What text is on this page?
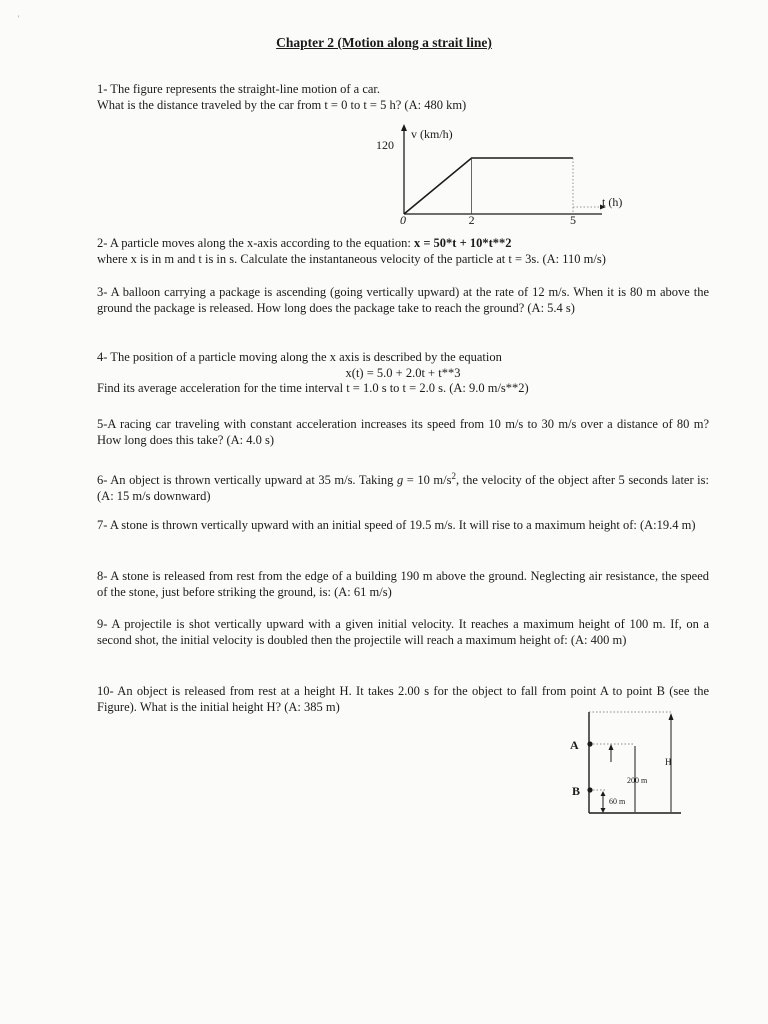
'
Chapter 2 (Motion along a strait line)

1- The figure represents the straight-line motion of a car.

What is the distance traveled by the car from t = 0 to t = 5 h? (A: 480 km)

v (km/h)
120
t (h)
0	2	5

2- A particle moves along the x-axis according to the equation: x = 50*t + 10*t**2

where x is in m and t is in s. Calculate the instantaneous velocity of the particle at t = 3s. (A: 110 m/s)

3- A balloon carrying a package is ascending (going vertically upward) at the rate of 12 m/s. When it is 80 m above the ground the package is released. How long does the package take to reach the ground? (A: 5.4 s)

4- The position of a particle moving along the x axis is described by the equation

x(t) = 5.0 + 2.0t + t**3

Find its average acceleration for the time interval t = 1.0 s to t = 2.0 s. (A: 9.0 m/s**2)

5-A racing car traveling with constant acceleration increases its speed from 10 m/s to 30 m/s over a distance of 80 m? How long does this take? (A: 4.0 s)

6- An object is thrown vertically upward at 35 m/s. Taking g = 10 $m/s^2$, the velocity of the object after 5 seconds later is: (A: 15 m/s downward)

7- A stone is thrown vertically upward with an initial speed of 19.5 m/s. It will rise to a maximum height of: (A:19.4 m)

8- A stone is released from rest from the edge of a building 190 m above the ground. Neglecting air resistance, the speed of the stone, just before striking the ground, is: (A: 61 m/s)

9- A projectile is shot vertically upward with a given initial velocity. It reaches a maximum height of 100 m. If, on a second shot, the initial velocity is doubled then the projectile will reach a maximum height of: (A: 400 m)

10- An object is released from rest at a height H. It takes 2.00 s for the object to fall from point A to point B (see the Figure). What is the initial height H? (A: 385 m)

A
B
H
200 m
60 m
